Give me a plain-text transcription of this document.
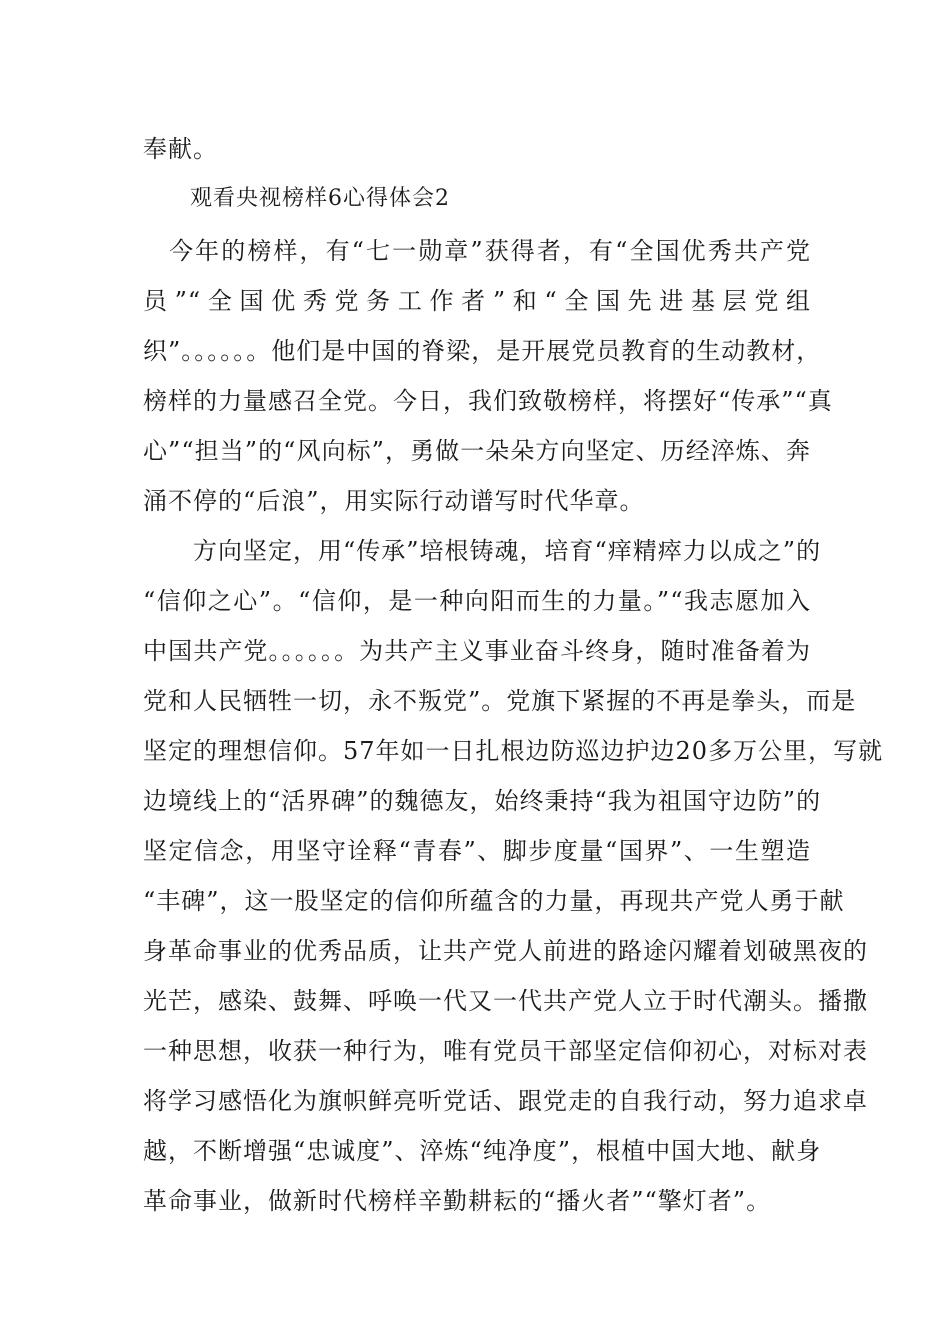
奉献。
观看央视榜样6心得体会2
　今年的榜样，有“七一勋章”获得者，有“全国优秀共产党
员”“全国优秀党务工作者”和“全国先进基层党组
织”。。。。。。他们是中国的脊梁，是开展党员教育的生动教材，
榜样的力量感召全党。今日，我们致敬榜样，将摆好“传承”“真
心”“担当”的“风向标”，勇做一朵朵方向坚定、历经淬炼、奔
涌不停的“后浪”，用实际行动谱写时代华章。
　　方向坚定，用“传承”培根铸魂，培育“痒精瘁力以成之”的
“信仰之心”。“信仰，是一种向阳而生的力量。”“我志愿加入
中国共产党。。。。。。为共产主义事业奋斗终身，随时准备着为
党和人民牺牲一切，永不叛党”。党旗下紧握的不再是拳头，而是
坚定的理想信仰。57年如一日扎根边防巡边护边20多万公里，写就
边境线上的“活界碑”的魏德友，始终秉持“我为祖国守边防”的
坚定信念，用坚守诠释“青春”、脚步度量“国界”、一生塑造
“丰碑”，这一股坚定的信仰所蕴含的力量，再现共产党人勇于献
身革命事业的优秀品质，让共产党人前进的路途闪耀着划破黑夜的
光芒，感染、鼓舞、呼唤一代又一代共产党人立于时代潮头。播撒
一种思想，收获一种行为，唯有党员干部坚定信仰初心，对标对表
将学习感悟化为旗帜鲜亮听党话、跟党走的自我行动，努力追求卓
越，不断增强“忠诚度”、淬炼“纯净度”，根植中国大地、献身
革命事业，做新时代榜样辛勤耕耘的“播火者”“擎灯者”。
